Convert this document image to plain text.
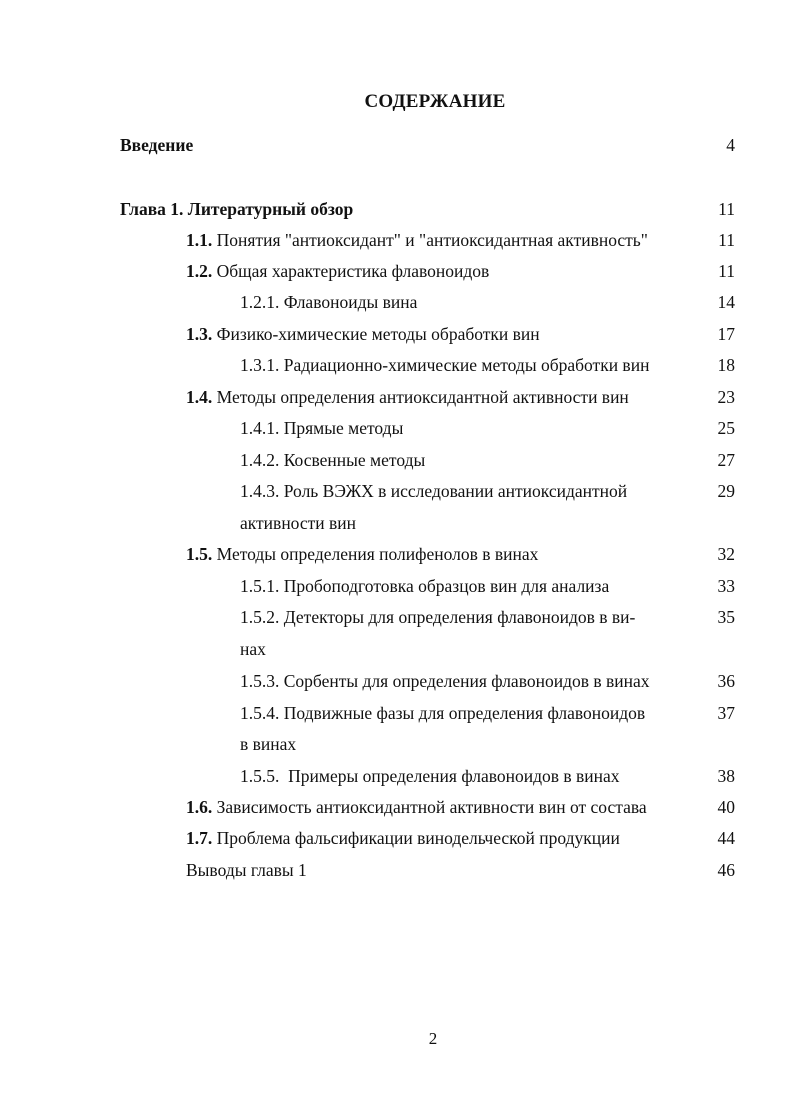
СОДЕРЖАНИЕ
Введение	4
Глава 1. Литературный обзор	11
1.1. Понятия "антиоксидант" и "антиоксидантная активность"	11
1.2. Общая характеристика флавоноидов	11
1.2.1. Флавоноиды вина	14
1.3. Физико-химические методы обработки вин	17
1.3.1. Радиационно-химические методы обработки вин	18
1.4. Методы определения антиоксидантной активности вин	23
1.4.1. Прямые методы	25
1.4.2. Косвенные методы	27
1.4.3. Роль ВЭЖХ в исследовании антиоксидантной	29
активности вин
1.5. Методы определения полифенолов в винах	32
1.5.1. Пробоподготовка образцов вин для анализа	33
1.5.2. Детекторы для определения флавоноидов в ви-	35
нах
1.5.3. Сорбенты для определения флавоноидов в винах	36
1.5.4. Подвижные фазы для определения флавоноидов	37
в винах
1.5.5.  Примеры определения флавоноидов в винах	38
1.6. Зависимость антиоксидантной активности вин от состава	40
1.7. Проблема фальсификации винодельческой продукции	44
Выводы главы 1	46
2
